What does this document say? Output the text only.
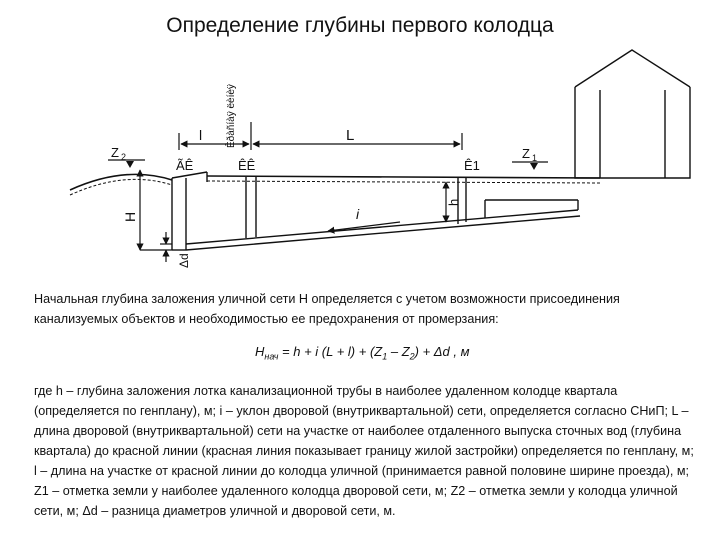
Определение глубины первого колодца
Z 2	Z 1
ÃÊ	ÊÊ	Ê1
l	L
Êðàñíàÿ ëèíèÿ
H
Δd
h
i
Начальная глубина заложения уличной сети H определяется с учетом возможности присоединения канализуемых объектов и необходимостью ее предохранения от промерзания:
$H_{нач} = h + i$ $(L + l) + (Z_1 - Z_2) + \Delta d$ , м
где h – глубина заложения лотка канализационной трубы в наиболее удаленном колодце квартала (определяется по генплану), м; i – уклон дворовой (внутриквартальной) сети, определяется согласно СНиП; L – длина дворовой (внутриквартальной) сети на участке от наиболее отдаленного выпуска сточных вод (глубина квартала) до красной линии (красная линия показывает границу жилой застройки) определяется по генплану, м; l – длина на участке от красной линии до колодца уличной (принимается равной половине ширине проезда), м; Z1 – отметка земли у наиболее удаленного колодца дворовой сети, м; Z2 – отметка земли у колодца уличной сети, м; Δd – разница диаметров уличной и дворовой сети, м.
